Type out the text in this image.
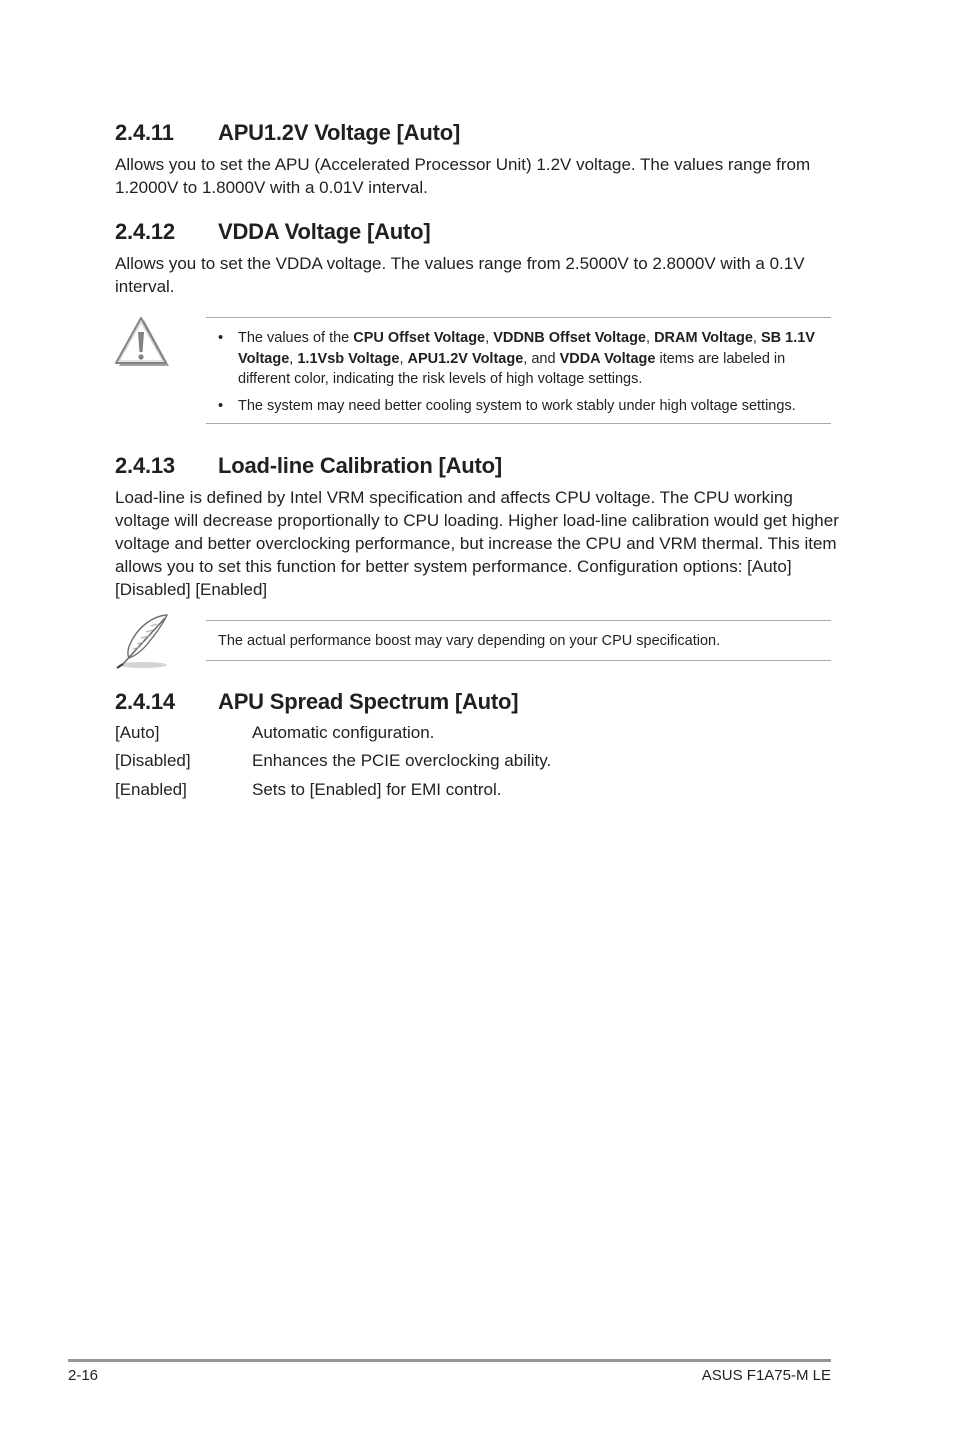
2.4.11 APU1.2V Voltage [Auto]

Allows you to set the APU (Accelerated Processor Unit) 1.2V voltage. The values range from 1.2000V to 1.8000V with a 0.01V interval.

2.4.12 VDDA Voltage [Auto]

Allows you to set the VDDA voltage. The values range from 2.5000V to 2.8000V with a 0.1V interval.

• The values of the CPU Offset Voltage, VDDNB Offset Voltage, DRAM Voltage, SB 1.1V Voltage, 1.1Vsb Voltage, APU1.2V Voltage, and VDDA Voltage items are labeled in different color, indicating the risk levels of high voltage settings.
• The system may need better cooling system to work stably under high voltage settings.
2.4.13 Load-line Calibration [Auto]

Load-line is defined by Intel VRM specification and affects CPU voltage. The CPU working voltage will decrease proportionally to CPU loading. Higher load-line calibration would get higher voltage and better overclocking performance, but increase the CPU and VRM thermal. This item allows you to set this function for better system performance. Configuration options: [Auto] [Disabled] [Enabled]

The actual performance boost may vary depending on your CPU specification.

2.4.14 APU Spread Spectrum [Auto]
[Auto]	Automatic configuration.
[Disabled]	Enhances the PCIE overclocking ability.
[Enabled]	Sets to [Enabled] for EMI control.
2-16	ASUS F1A75-M LE
